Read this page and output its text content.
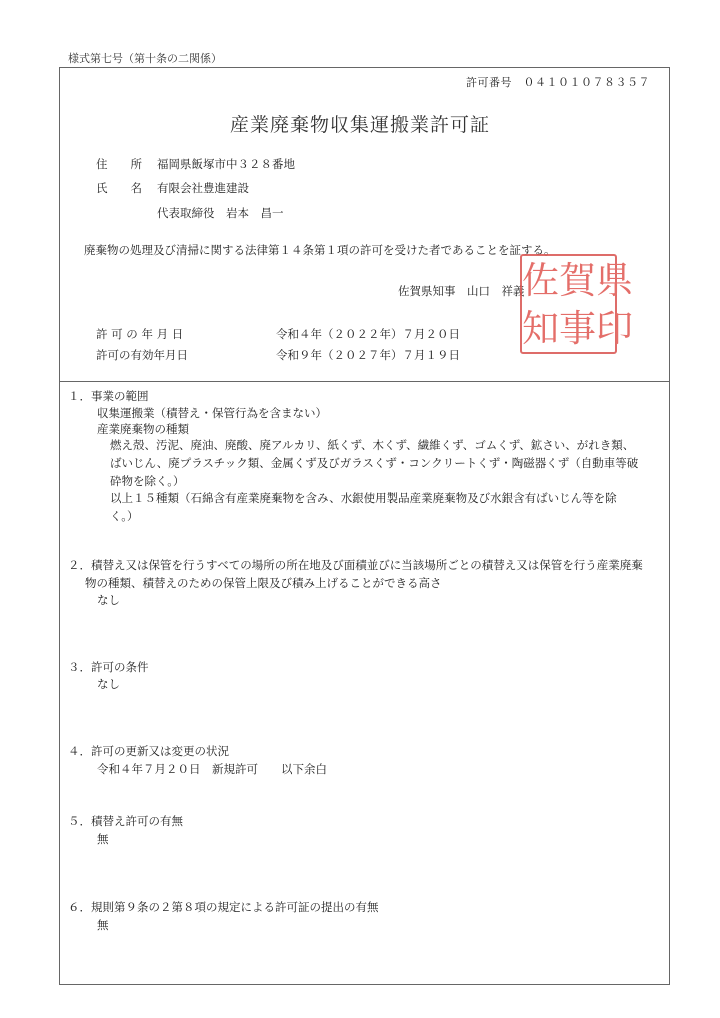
様式第七号（第十条の二関係）
許可番号　０４１０１０７８３５７
産業廃棄物収集運搬業許可証
住　　所 福岡県飯塚市中３２８番地
氏　　名 有限会社豊進建設
代表取締役　岩本　昌一
廃棄物の処理及び清掃に関する法律第１４条第１項の許可を受けた者であることを証する。
佐賀県知事　山口　祥義
佐 賀 県
知 事 印
許 可 の 年 月 日	令和４年（２０２２年）７月２０日
許可の有効年月日	令和９年（２０２７年）７月１９日
１．事業の範囲
収集運搬業（積替え・保管行為を含まない）
産業廃棄物の種類
燃え殻、汚泥、廃油、廃酸、廃アルカリ、紙くず、木くず、繊維くず、ゴムくず、鉱さい、がれき類、
ばいじん、廃プラスチック類、金属くず及びガラスくず・コンクリートくず・陶磁器くず（自動車等破
砕物を除く。）
以上１５種類（石綿含有産業廃棄物を含み、水銀使用製品産業廃棄物及び水銀含有ばいじん等を除
く。）
２．積替え又は保管を行うすべての場所の所在地及び面積並びに当該場所ごとの積替え又は保管を行う産業廃棄
物の種類、積替えのための保管上限及び積み上げることができる高さ
なし
３．許可の条件
なし
４．許可の更新又は変更の状況
令和４年７月２０日　新規許可　　以下余白
５．積替え許可の有無
無
６．規則第９条の２第８項の規定による許可証の提出の有無
無
